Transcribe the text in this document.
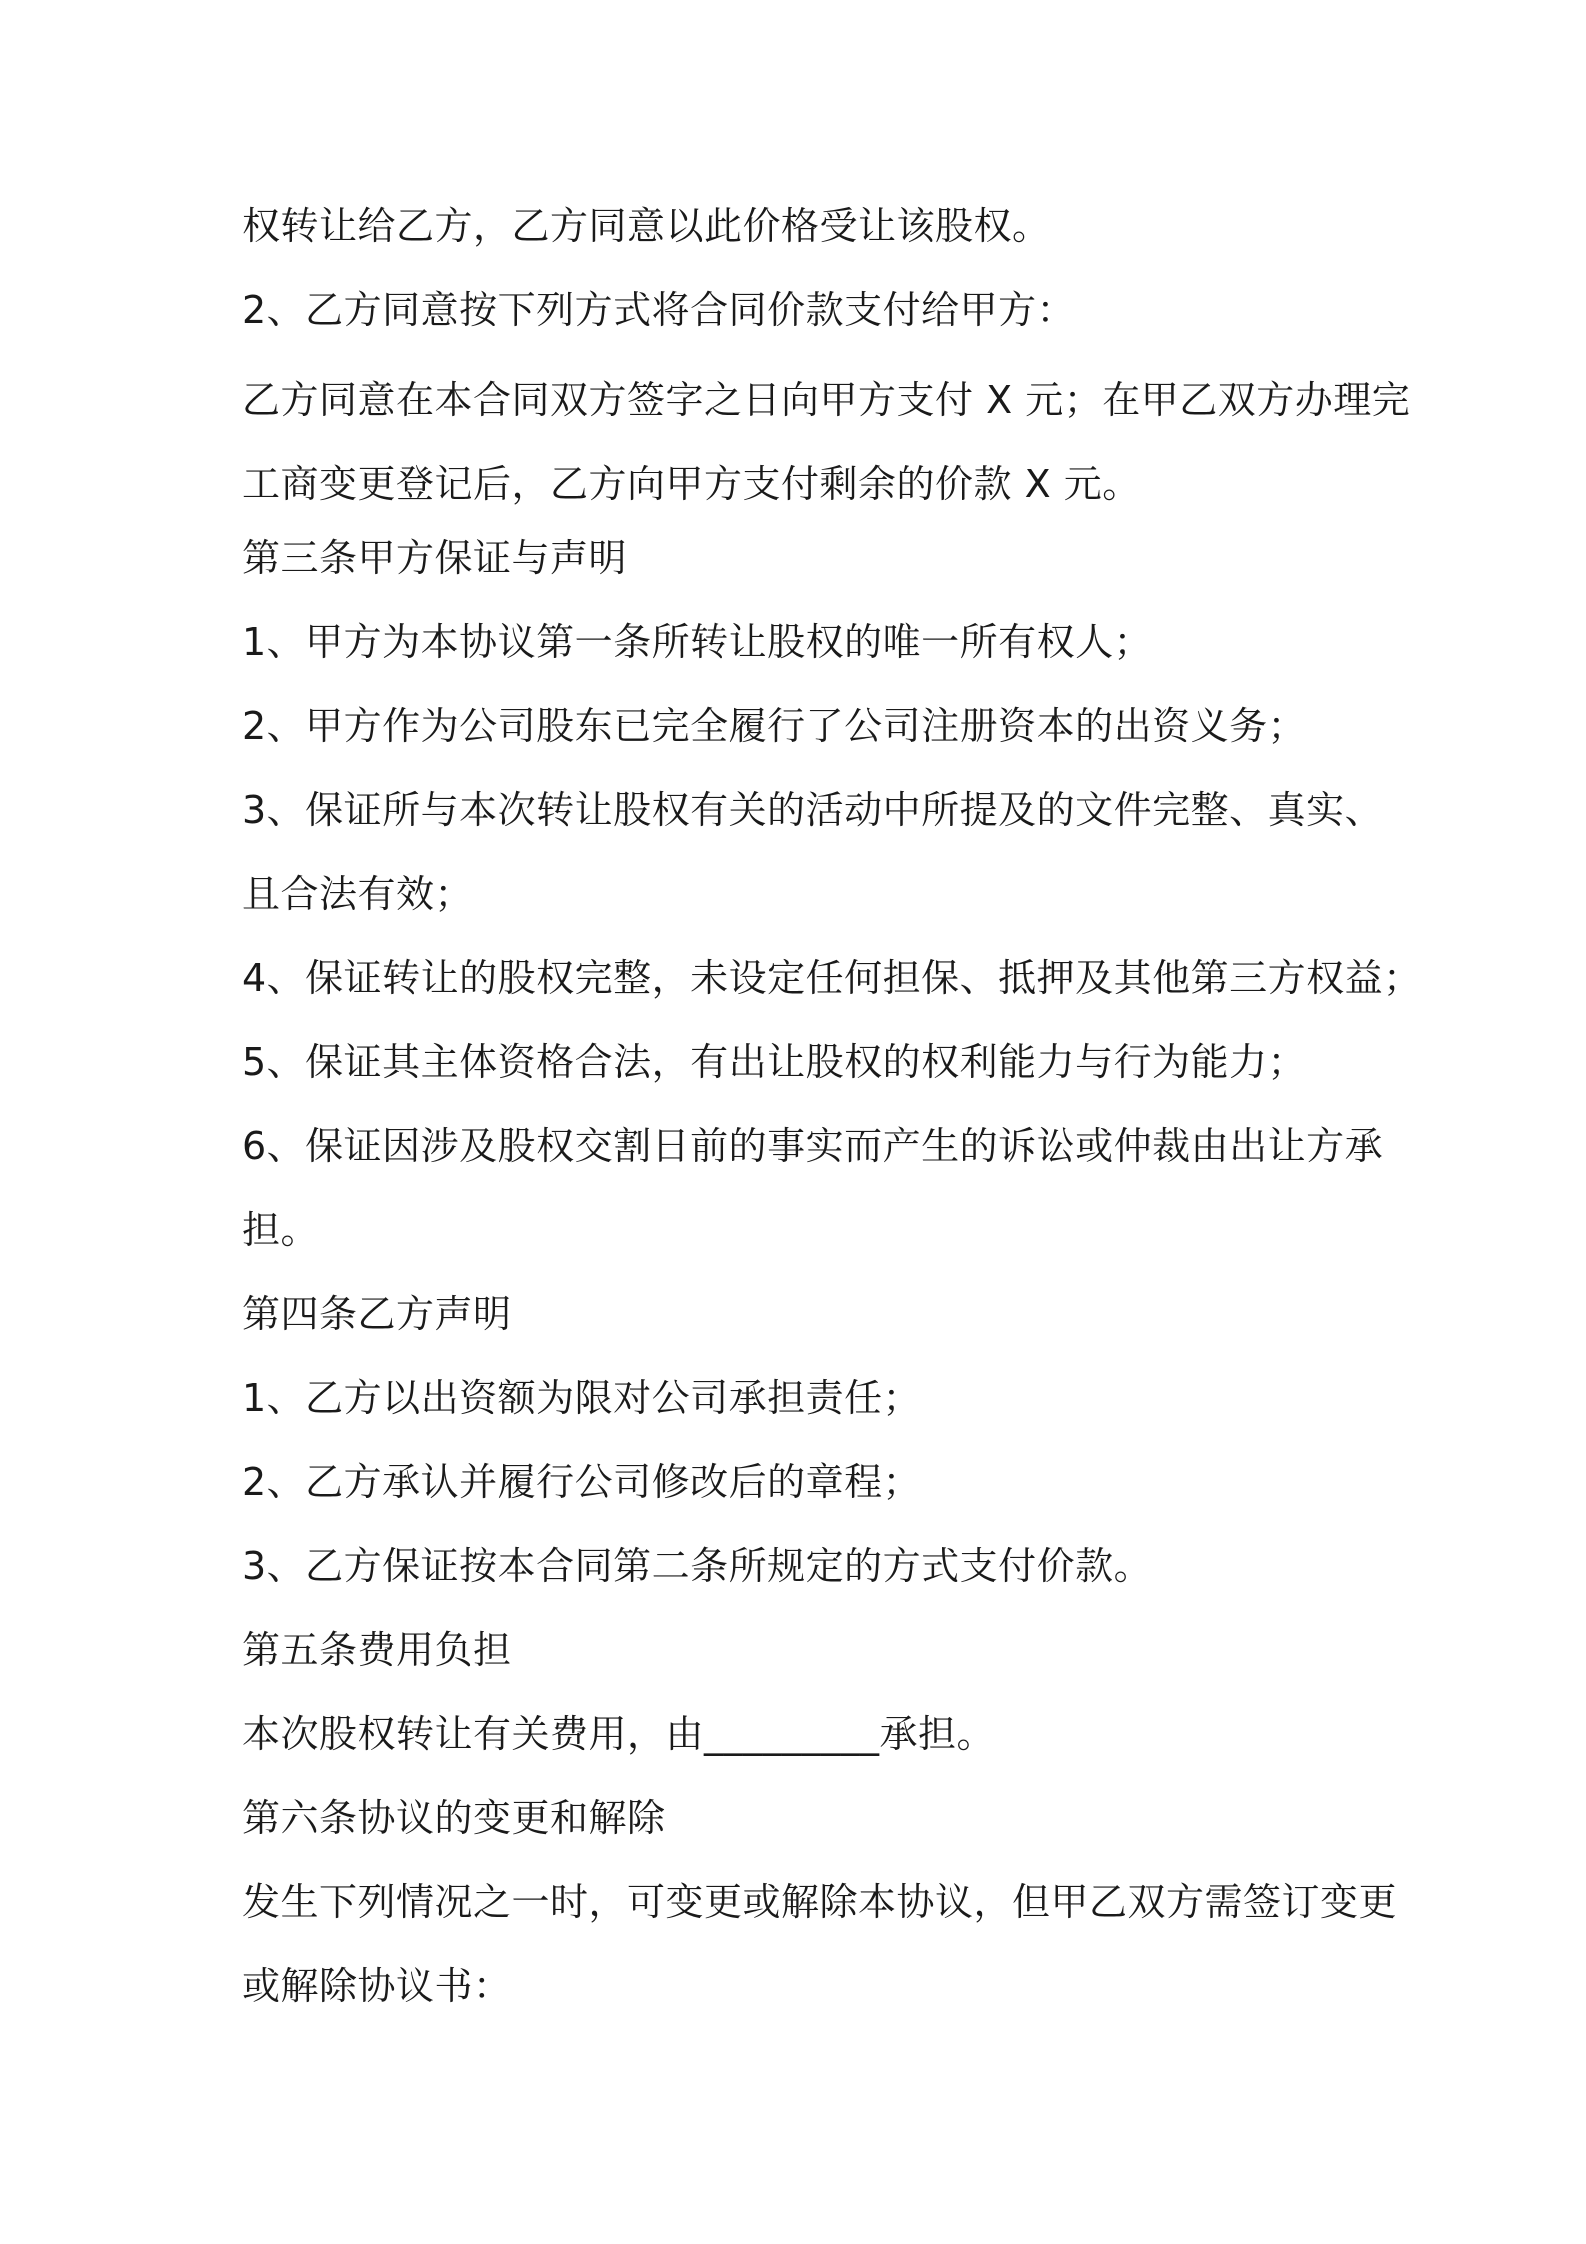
权转让给乙方，乙方同意以此价格受让该股权。
2、乙方同意按下列方式将合同价款支付给甲方：
乙方同意在本合同双方签字之日向甲方支付 X 元；在甲乙双方办理完
工商变更登记后，乙方向甲方支付剩余的价款 X 元。
第三条甲方保证与声明
1、甲方为本协议第一条所转让股权的唯一所有权人；
2、甲方作为公司股东已完全履行了公司注册资本的出资义务；
3、保证所与本次转让股权有关的活动中所提及的文件完整、真实、
且合法有效；
4、保证转让的股权完整，未设定任何担保、抵押及其他第三方权益；
5、保证其主体资格合法，有出让股权的权利能力与行为能力；
6、保证因涉及股权交割日前的事实而产生的诉讼或仲裁由出让方承
担。
第四条乙方声明
1、乙方以出资额为限对公司承担责任；
2、乙方承认并履行公司修改后的章程；
3、乙方保证按本合同第二条所规定的方式支付价款。
第五条费用负担
本次股权转让有关费用，由_________承担。
第六条协议的变更和解除
发生下列情况之一时，可变更或解除本协议，但甲乙双方需签订变更
或解除协议书：
